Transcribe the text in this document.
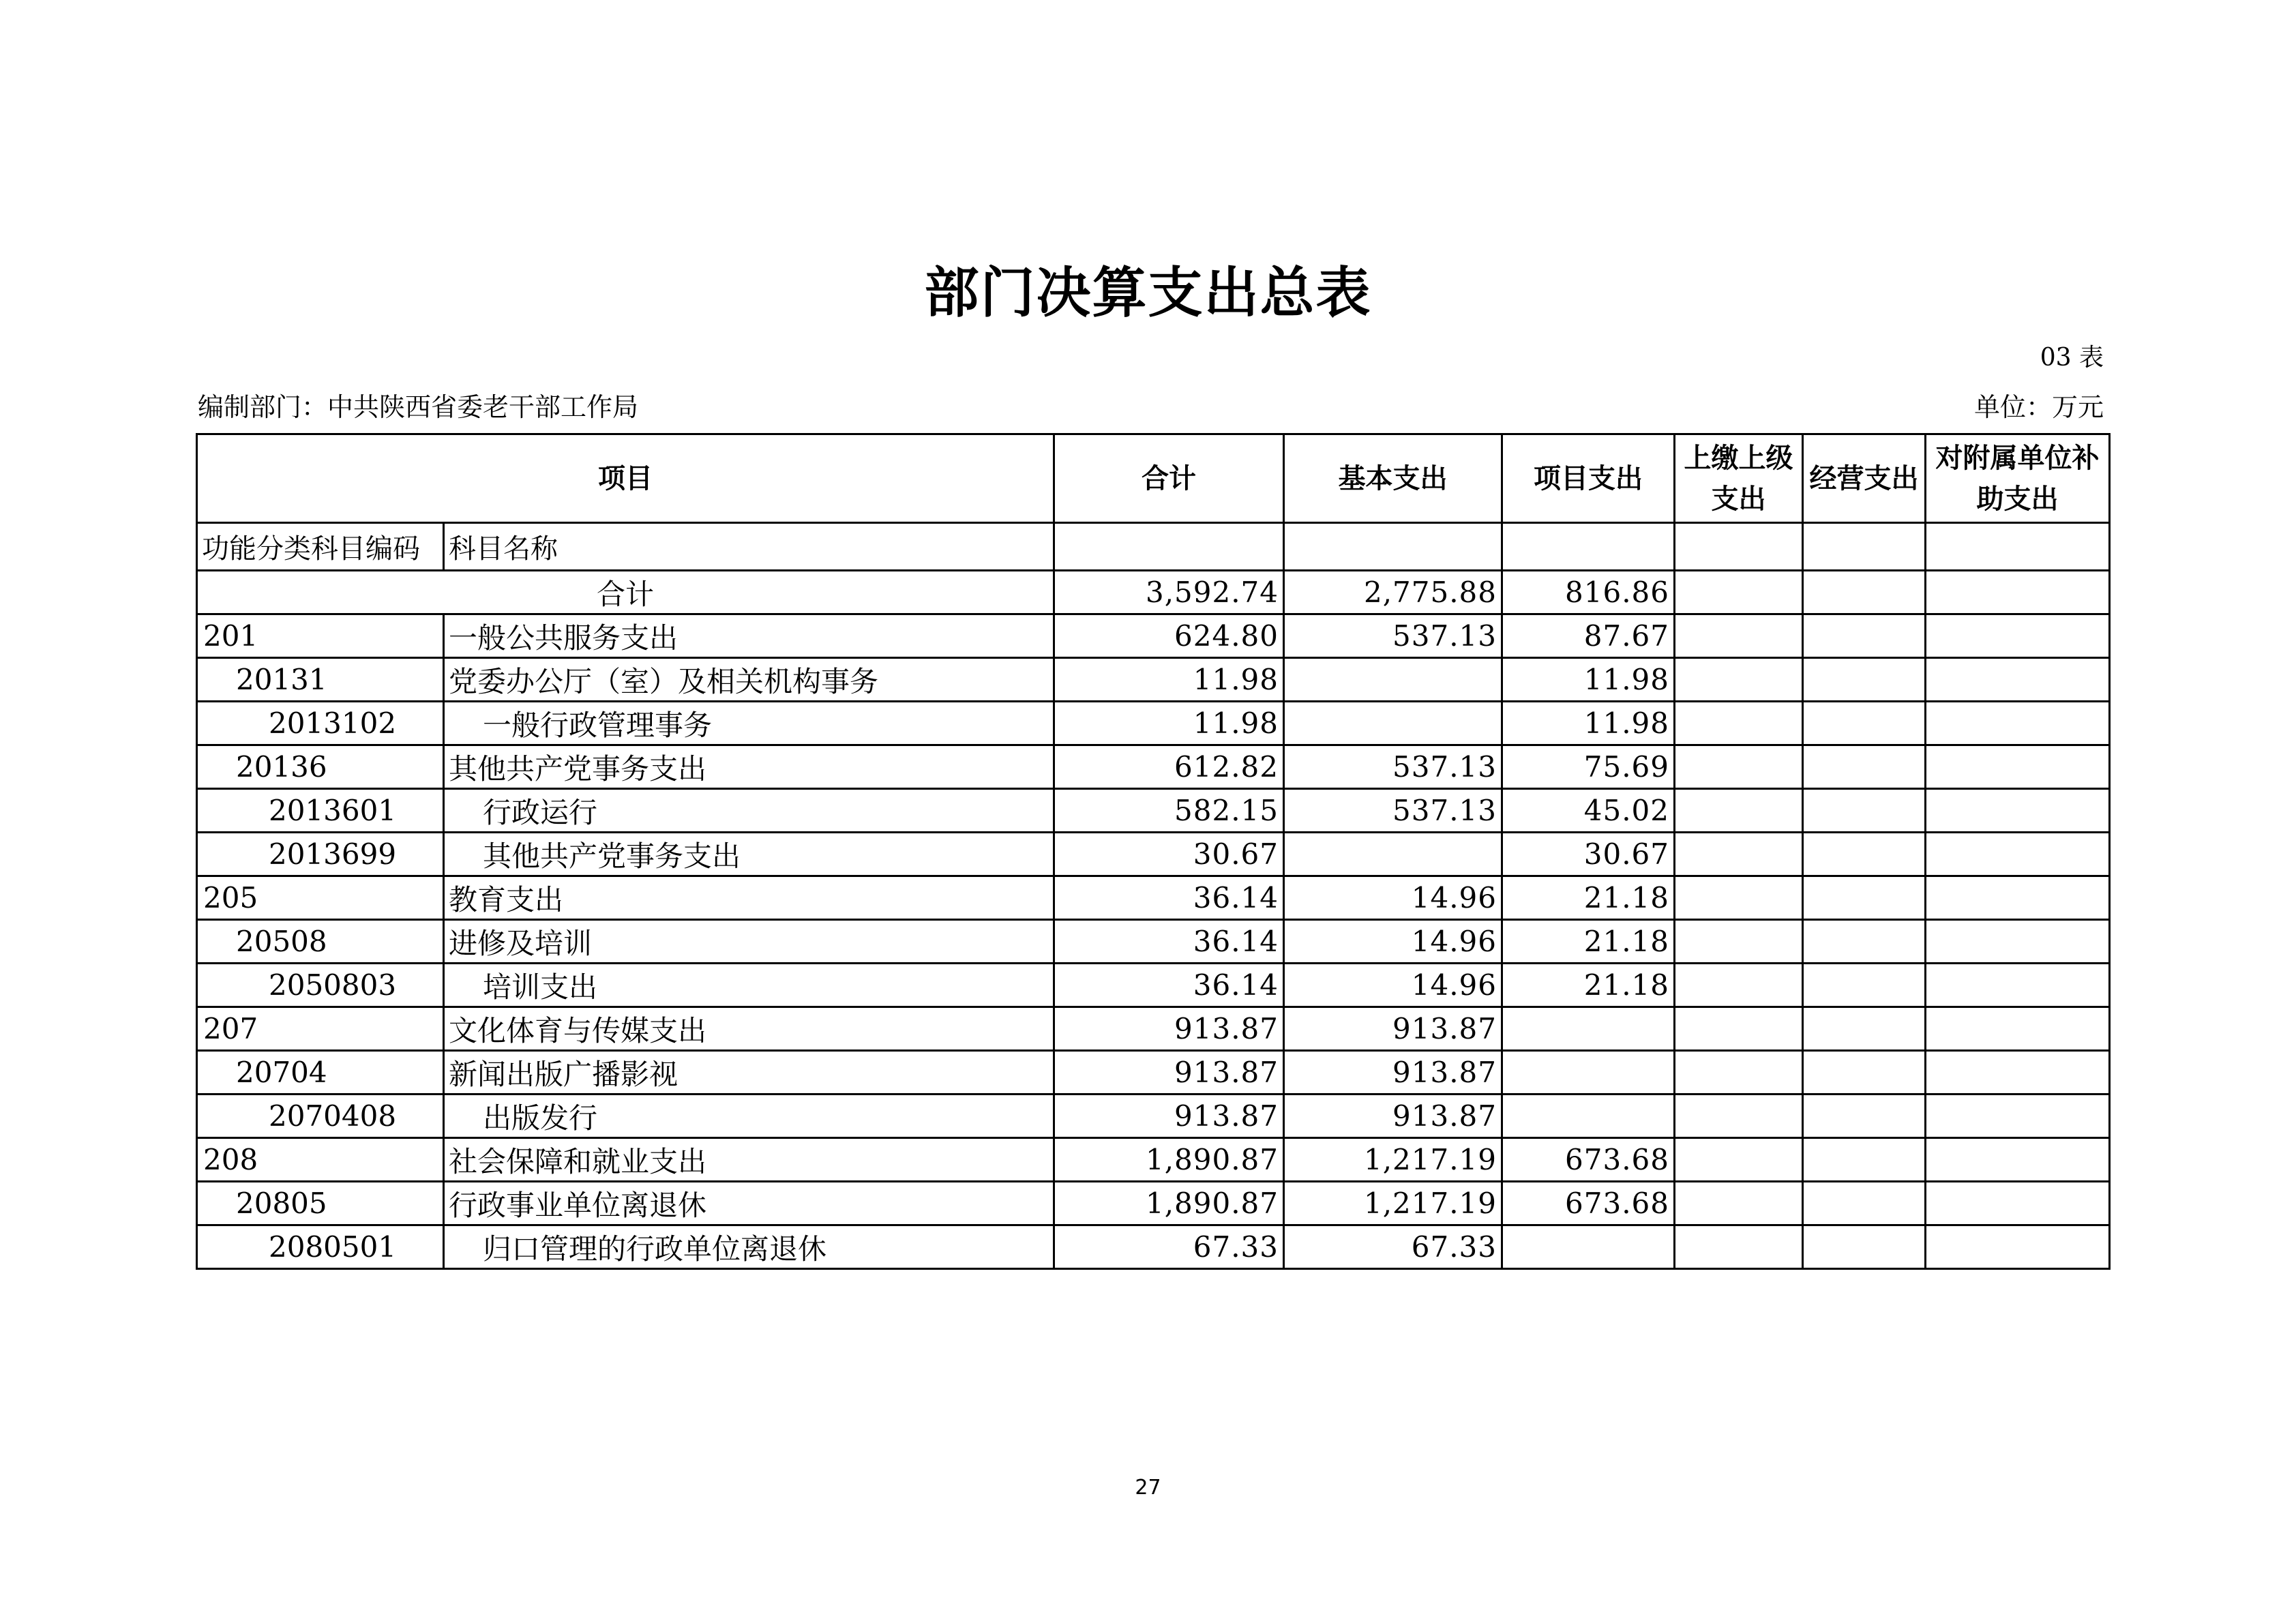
部门决算支出总表
03 表
编制部门：中共陕西省委老干部工作局	单位：万元
项目		合计	基本支出	项目支出	上缴上级支出	经营支出	对附属单位补助支出
功能分类科目编码	科目名称						
合计		3,592.74	2,775.88	816.86			
201	一般公共服务支出	624.80	537.13	87.67			
20131	党委办公厅（室）及相关机构事务	11.98		11.98			
2013102	一般行政管理事务	11.98		11.98			
20136	其他共产党事务支出	612.82	537.13	75.69			
2013601	行政运行	582.15	537.13	45.02			
2013699	其他共产党事务支出	30.67		30.67			
205	教育支出	36.14	14.96	21.18			
20508	进修及培训	36.14	14.96	21.18			
2050803	培训支出	36.14	14.96	21.18			
207	文化体育与传媒支出	913.87	913.87				
20704	新闻出版广播影视	913.87	913.87				
2070408	出版发行	913.87	913.87				
208	社会保障和就业支出	1,890.87	1,217.19	673.68			
20805	行政事业单位离退休	1,890.87	1,217.19	673.68			
2080501	归口管理的行政单位离退休	67.33	67.33				
27
